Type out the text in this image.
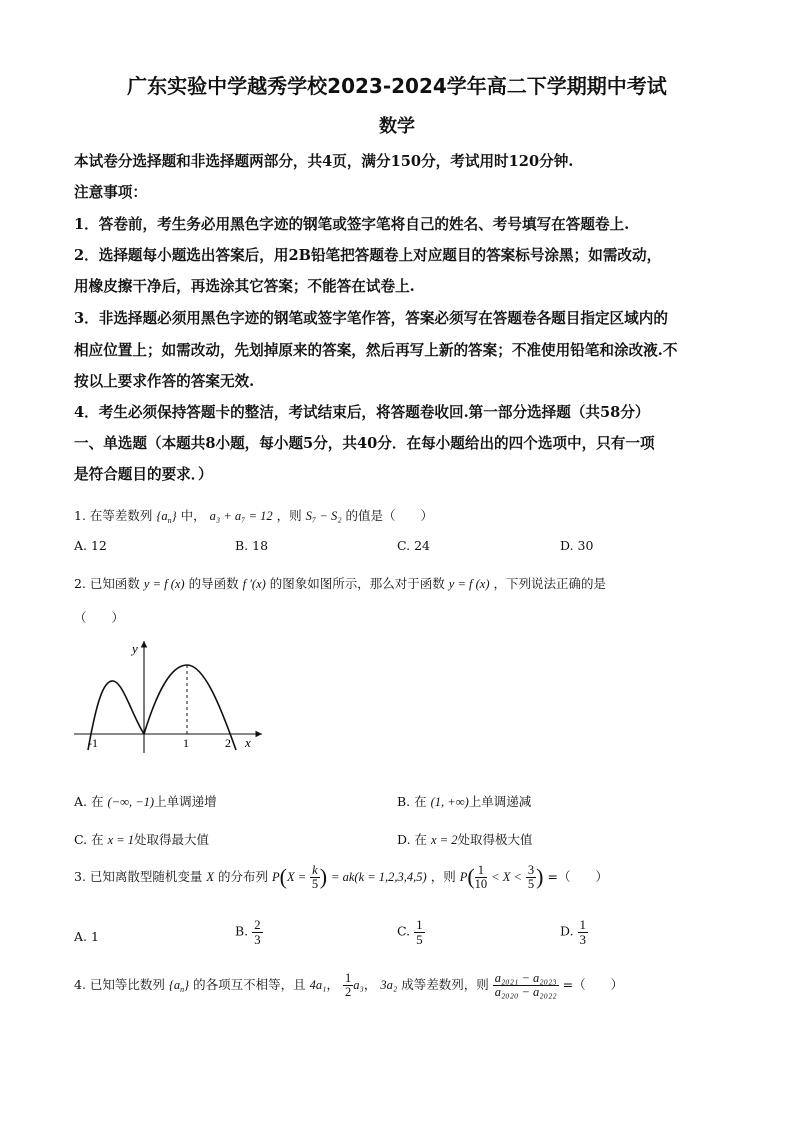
广东实验中学越秀学校2023-2024学年高二下学期期中考试
数学
本试卷分选择题和非选择题两部分，共4页，满分150分，考试用时120分钟.
注意事项：
1．答卷前，考生务必用黑色字迹的钢笔或签字笔将自己的姓名、考号填写在答题卷上.
2．选择题每小题选出答案后，用2B铅笔把答题卷上对应题目的答案标号涂黑；如需改动，
用橡皮擦干净后，再选涂其它答案；不能答在试卷上.
3．非选择题必须用黑色字迹的钢笔或签字笔作答，答案必须写在答题卷各题目指定区域内的
相应位置上；如需改动，先划掉原来的答案，然后再写上新的答案；不准使用铅笔和涂改液.不
按以上要求作答的答案无效.
4．考生必须保持答题卡的整洁，考试结束后，将答题卷收回.第一部分选择题（共58分）
一、单选题（本题共8小题，每小题5分，共40分．在每小题给出的四个选项中，只有一项
是符合题目的要求．）
1. 在等差数列 $\{a_n\}$ 中， a₃ + a₇ = 12 ，则 S₇ − S₂ 的值是（　　）
A. 12	B. 18	C. 24	D. 30
2. 已知函数 y = f (x) 的导函数 f ′(x) 的图象如图所示，那么对于函数 y = f (x) ，下列说法正确的是
（　　）
y
x
-1	1	2
A. 在 (−∞, −1)上单调递增	B. 在 (1, +∞)上单调递减
C. 在 x = 1处取得最大值	D. 在 x = 2处取得极大值
3. 已知离散型随机变量 X 的分布列 $P(X = \frac{k}{5}$ ) = ak(k = 1,2,3,4,5) ，则 $P( \frac{1}{10} < X < \frac{3}{5}$ ) =（　　）
A. 1	B. $\frac{2}{3}$	C. $\frac{1}{5}$	D. $\frac{1}{3}$
4. 已知等比数列 $\{a_n\}$ 的各项互不相等，且 4a₁， $\frac{1}{2} a_3$， 3a₂ 成等差数列，则 $\frac{\text{a₂₀₂₁ − a₂₀₂₃}}{\text{a₂₀₂₀ − a₂₀₂₂}}$ =（　　）
